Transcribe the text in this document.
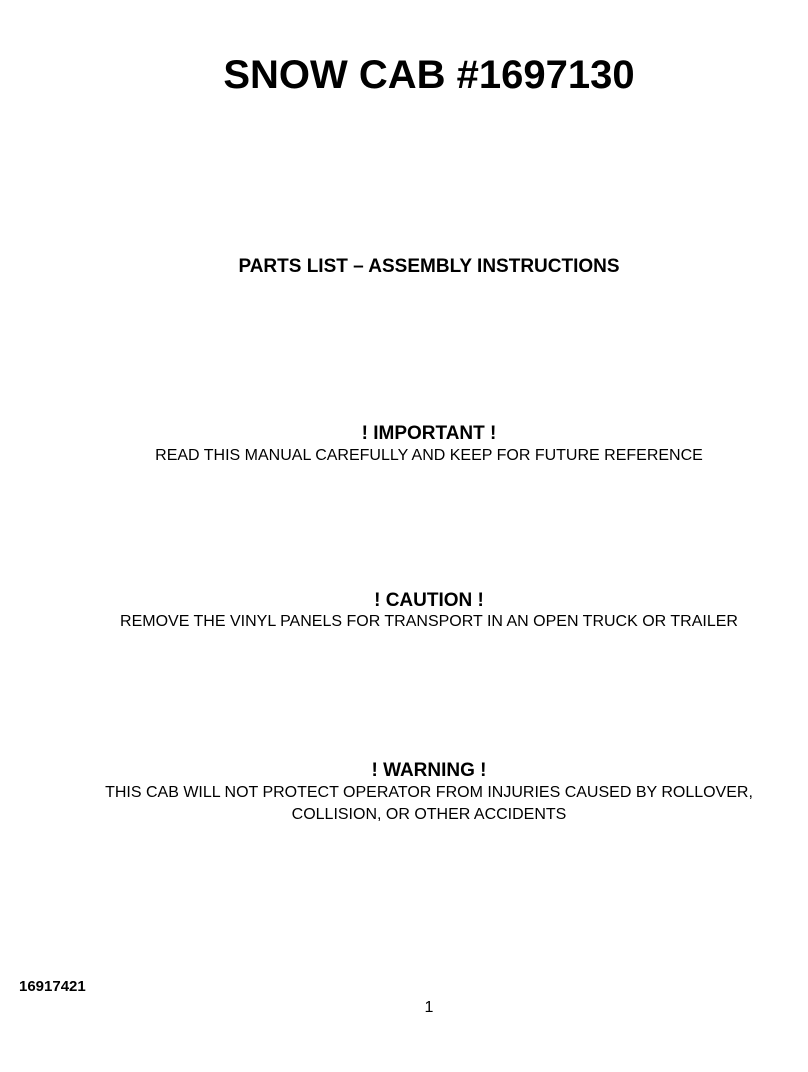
SNOW CAB #1697130
PARTS LIST – ASSEMBLY INSTRUCTIONS
! IMPORTANT !
READ THIS MANUAL CAREFULLY AND KEEP FOR FUTURE REFERENCE
! CAUTION !
REMOVE THE VINYL PANELS FOR TRANSPORT IN AN OPEN TRUCK OR TRAILER
! WARNING !
THIS CAB WILL NOT PROTECT OPERATOR FROM INJURIES CAUSED BY ROLLOVER,
COLLISION, OR OTHER ACCIDENTS
16917421
1
